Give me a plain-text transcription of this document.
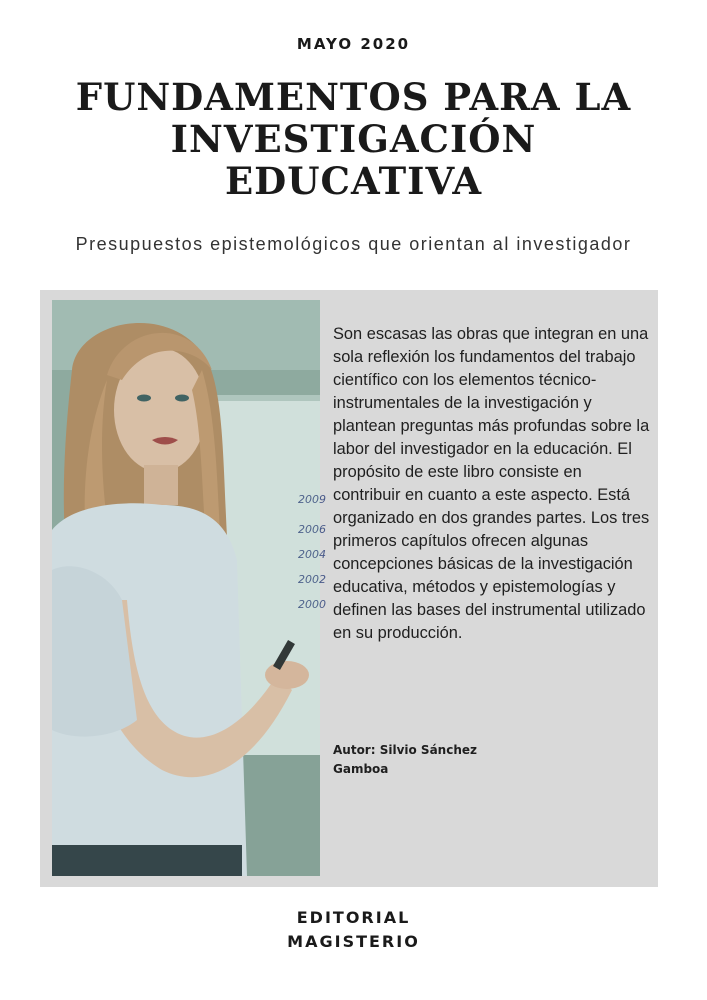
MAYO 2020
FUNDAMENTOS PARA LA INVESTIGACIÓN EDUCATIVA
Presupuestos epistemológicos que orientan al investigador
2009
2006
2004
2002
2000

Son escasas las obras que integran en una sola reflexión los fundamentos del trabajo científico con los elementos técnico-instrumentales de la investigación y plantean preguntas más profundas sobre la labor del investigador en la educación. El propósito de este libro consiste en contribuir en cuanto a este aspecto. Está organizado en dos grandes partes. Los tres primeros capítulos ofrecen algunas concepciones básicas de la investigación educativa, métodos y epistemologías y definen las bases del instrumental utilizado en su producción.

Autor: Silvio Sánchez
Gamboa
EDITORIAL
MAGISTERIO
